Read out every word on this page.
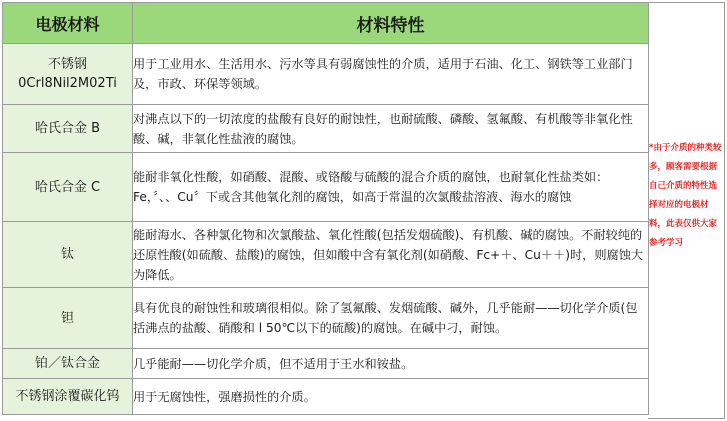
电极材料	材料特性
不锈钢
0Crl8Nil2M02Ti	用于工业用水、生活用水、污水等具有弱腐蚀性的介质，适用于石油、化工、钢铁等工业部门及，市政、环保等领域。
哈氏合金 B	对沸点以下的一切浓度的盐酸有良好的耐蚀性，也耐硫酸、磷酸、氢氟酸、有机酸等非氧化性酸、碱，非氧化性盐液的腐蚀。
哈氏合金 C	能耐非氧化性酸，如硝酸、混酸、或铬酸与硫酸的混合介质的腐蚀，也耐氧化性盐类如：Fe，〞、、Cu〞下或含其他氧化剂的腐蚀，如高于常温的次氯酸盐溶液、海水的腐蚀
钛	能耐海水、各种氯化物和次氯酸盐、氧化性酸(包括发烟硫酸)、有机酸、碱的腐蚀。不耐较纯的还原性酸(如硫酸、盐酸)的腐蚀，但如酸中含有氧化剂(如硝酸、Fc+＋、Cu＋＋)时，则腐蚀大为降低。
钽	具有优良的耐蚀性和玻璃很相似。除了氢氟酸、发烟硫酸、碱外，几乎能耐——切化学介质(包括沸点的盐酸、硝酸和 l 50℃以下的硫酸)的腐蚀。在碱中刁，耐蚀。
铂／钛合金	几乎能耐——切化学介质，但不适用于王水和铵盐。
不锈钢涂覆碳化钨	用于无腐蚀性，强磨损性的介质。
*由于介质的种类较多，顾客需要根据自己介质的特性选择对应的电极材料，此表仅供大家参考学习
